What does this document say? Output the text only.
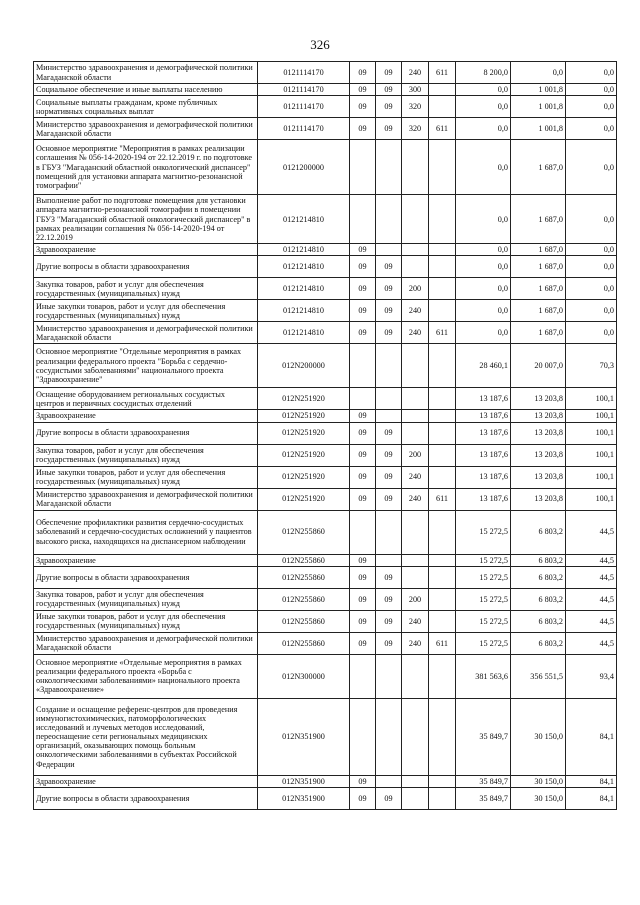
326
Министерство здравоохранения и демографической политики Магаданской области	0121114170	09	09	240	611	8 200,0	0,0	0,0
Социальное обеспечение и иные выплаты населению	0121114170	09	09	300		0,0	1 001,8	0,0
Социальные выплаты гражданам, кроме публичных нормативных социальных выплат	0121114170	09	09	320		0,0	1 001,8	0,0
Министерство здравоохранения и демографической политики Магаданской области	0121114170	09	09	320	611	0,0	1 001,8	0,0
Основное мероприятие "Мероприятия в рамках реализации соглашения № 056-14-2020-194 от 22.12.2019 г. по подготовке в ГБУЗ "Магаданский областной онкологический диспансер" помещений для установки аппарата магнитно-резонансной томографии"	0121200000					0,0	1 687,0	0,0
Выполнение работ по подготовке помещения для установки аппарата магнитно-резонансной томографии в помещении ГБУЗ "Магаданский областной онкологический диспансер" в рамках реализации соглашения № 056-14-2020-194 от 22.12.2019	0121214810					0,0	1 687,0	0,0
Здравоохранение	0121214810	09				0,0	1 687,0	0,0
Другие вопросы в области здравоохранения	0121214810	09	09			0,0	1 687,0	0,0
Закупка товаров, работ и услуг для обеспечения государственных (муниципальных) нужд	0121214810	09	09	200		0,0	1 687,0	0,0
Иные закупки товаров, работ и услуг для обеспечения государственных (муниципальных) нужд	0121214810	09	09	240		0,0	1 687,0	0,0
Министерство здравоохранения и демографической политики Магаданской области	0121214810	09	09	240	611	0,0	1 687,0	0,0
Основное мероприятие "Отдельные мероприятия в рамках реализации федерального проекта "Борьба с сердечно-сосудистыми заболеваниями" национального проекта "Здравоохранение"	012N200000					28 460,1	20 007,0	70,3
Оснащение оборудованием региональных сосудистых центров и первичных сосудистых отделений	012N251920					13 187,6	13 203,8	100,1
Здравоохранение	012N251920	09				13 187,6	13 203,8	100,1
Другие вопросы в области здравоохранения	012N251920	09	09			13 187,6	13 203,8	100,1
Закупка товаров, работ и услуг для обеспечения государственных (муниципальных) нужд	012N251920	09	09	200		13 187,6	13 203,8	100,1
Иные закупки товаров, работ и услуг для обеспечения государственных (муниципальных) нужд	012N251920	09	09	240		13 187,6	13 203,8	100,1
Министерство здравоохранения и демографической политики Магаданской области	012N251920	09	09	240	611	13 187,6	13 203,8	100,1
Обеспечение профилактики развития сердечно-сосудистых заболеваний и сердечно-сосудистых осложнений у пациентов высокого риска, находящихся на диспансерном наблюдении	012N255860					15 272,5	6 803,2	44,5
Здравоохранение	012N255860	09				15 272,5	6 803,2	44,5
Другие вопросы в области здравоохранения	012N255860	09	09			15 272,5	6 803,2	44,5
Закупка товаров, работ и услуг для обеспечения государственных (муниципальных) нужд	012N255860	09	09	200		15 272,5	6 803,2	44,5
Иные закупки товаров, работ и услуг для обеспечения государственных (муниципальных) нужд	012N255860	09	09	240		15 272,5	6 803,2	44,5
Министерство здравоохранения и демографической политики Магаданской области	012N255860	09	09	240	611	15 272,5	6 803,2	44,5
Основное мероприятие «Отдельные мероприятия в рамках реализации федерального проекта «Борьба с онкологическими заболеваниями» национального проекта «Здравоохранение»	012N300000					381 563,6	356 551,5	93,4
Создание и оснащение референс-центров для проведения иммуногистохимических, патоморфологических исследований и лучевых методов исследований, переоснащение сети региональных медицинских организаций, оказывающих помощь больным онкологическими заболеваниями в субъектах Российской Федерации	012N351900					35 849,7	30 150,0	84,1
Здравоохранение	012N351900	09				35 849,7	30 150,0	84,1
Другие вопросы в области здравоохранения	012N351900	09	09			35 849,7	30 150,0	84,1
